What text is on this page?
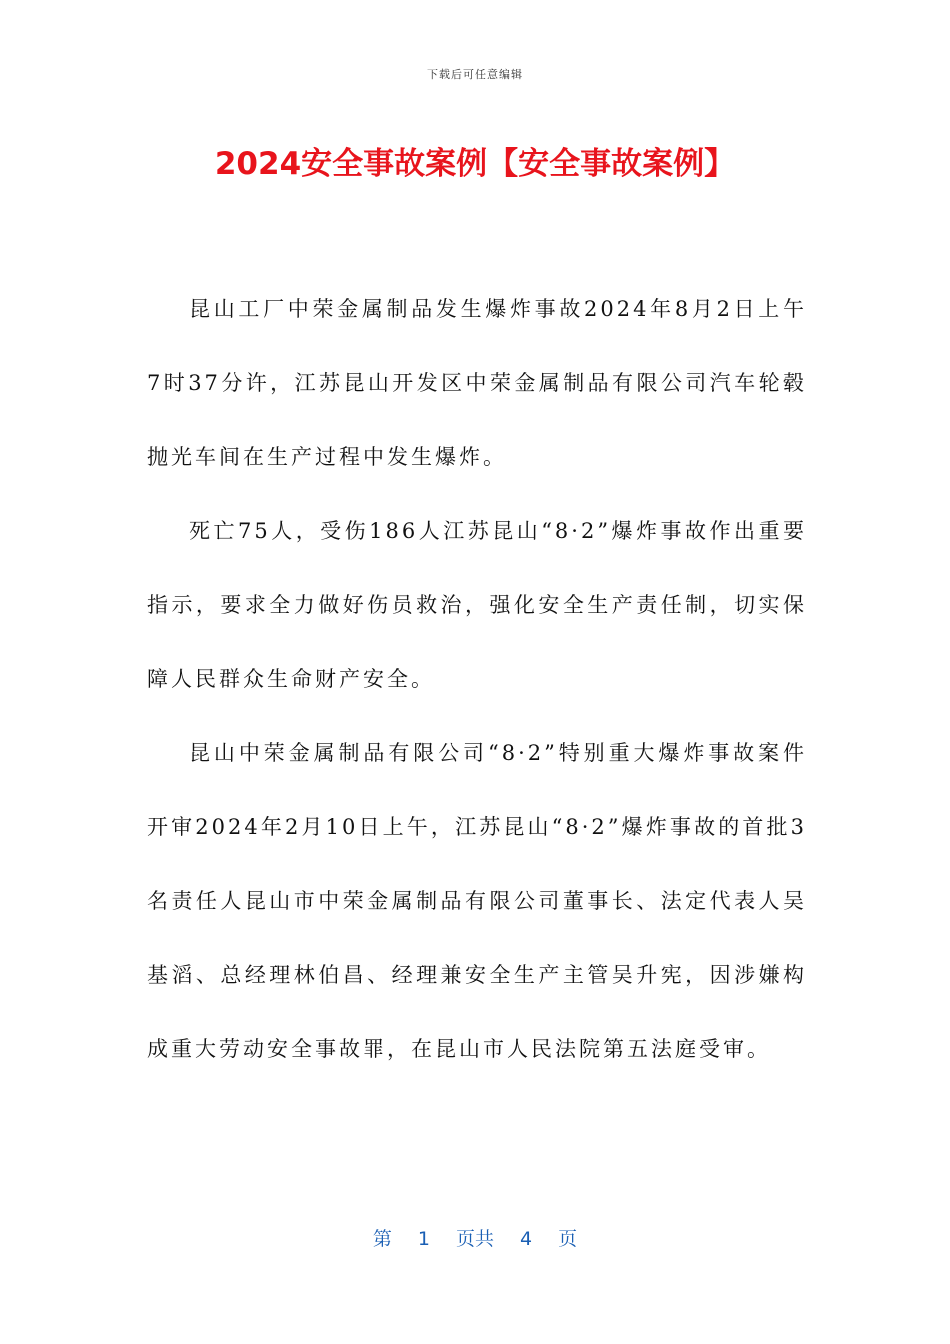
下载后可任意编辑
2024安全事故案例【安全事故案例】

昆山工厂中荣金属制品发生爆炸事故2024年8月2日上午7时37分许，江苏昆山开发区中荣金属制品有限公司汽车轮毂抛光车间在生产过程中发生爆炸。

死亡75人，受伤186人江苏昆山“8·2”爆炸事故作出重要指示，要求全力做好伤员救治，强化安全生产责任制，切实保障人民群众生命财产安全。

昆山中荣金属制品有限公司“8·2”特别重大爆炸事故案件开审2024年2月10日上午，江苏昆山“8·2”爆炸事故的首批3名责任人昆山市中荣金属制品有限公司董事长、法定代表人吴基滔、总经理林伯昌、经理兼安全生产主管吴升宪，因涉嫌构成重大劳动安全事故罪，在昆山市人民法院第五法庭受审。

第 1 页共 4 页
